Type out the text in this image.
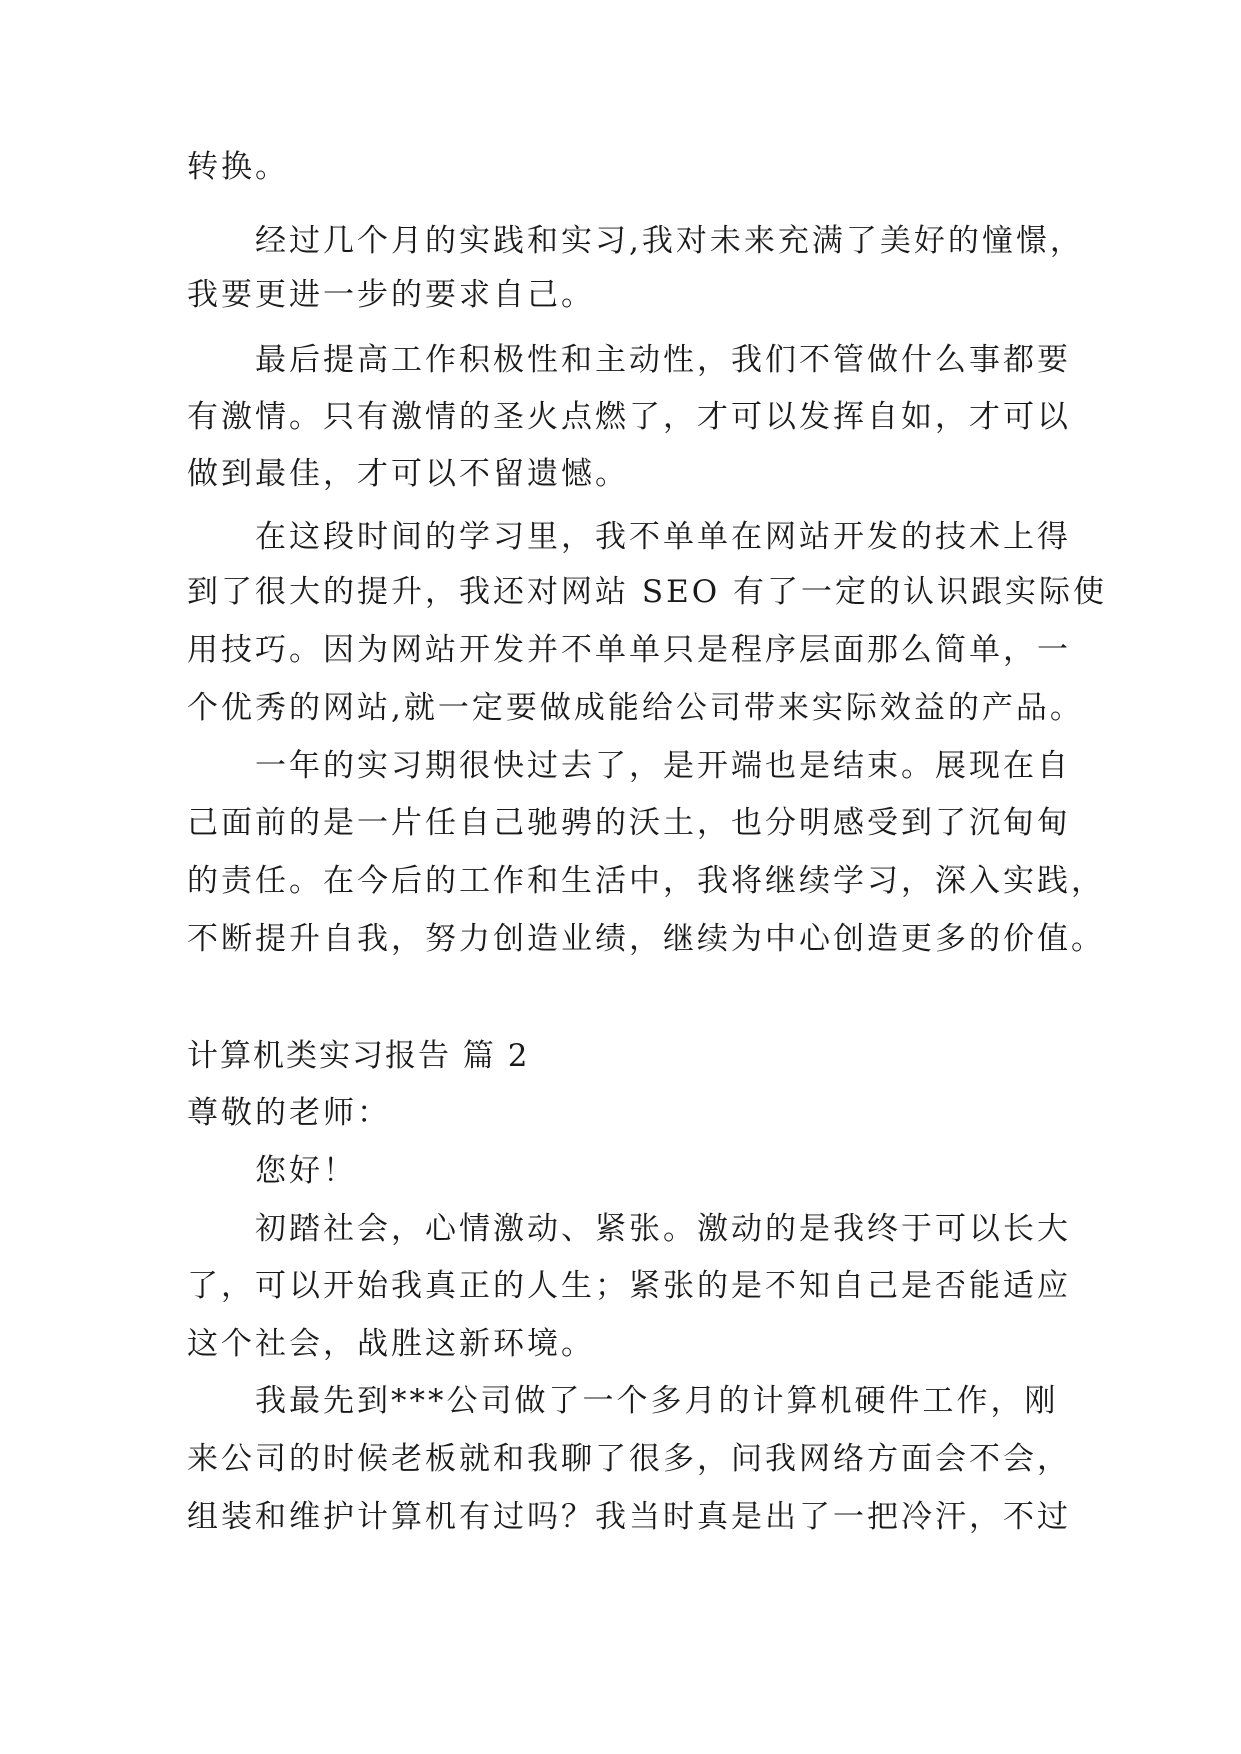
转换。
经过几个月的实践和实习,我对未来充满了美好的憧憬，
我要更进一步的要求自己。
最后提高工作积极性和主动性，我们不管做什么事都要
有激情。只有激情的圣火点燃了，才可以发挥自如，才可以
做到最佳，才可以不留遗憾。
在这段时间的学习里，我不单单在网站开发的技术上得
到了很大的提升，我还对网站 SEO 有了一定的认识跟实际使
用技巧。因为网站开发并不单单只是程序层面那么简单，一
个优秀的网站,就一定要做成能给公司带来实际效益的产品。
一年的实习期很快过去了，是开端也是结束。展现在自
己面前的是一片任自己驰骋的沃土，也分明感受到了沉甸甸
的责任。在今后的工作和生活中，我将继续学习，深入实践，
不断提升自我，努力创造业绩，继续为中心创造更多的价值。
计算机类实习报告 篇 2
尊敬的老师：
您好！
初踏社会，心情激动、紧张。激动的是我终于可以长大
了，可以开始我真正的人生；紧张的是不知自己是否能适应
这个社会，战胜这新环境。
我最先到***公司做了一个多月的计算机硬件工作，刚
来公司的时候老板就和我聊了很多，问我网络方面会不会，
组装和维护计算机有过吗？我当时真是出了一把冷汗，不过
